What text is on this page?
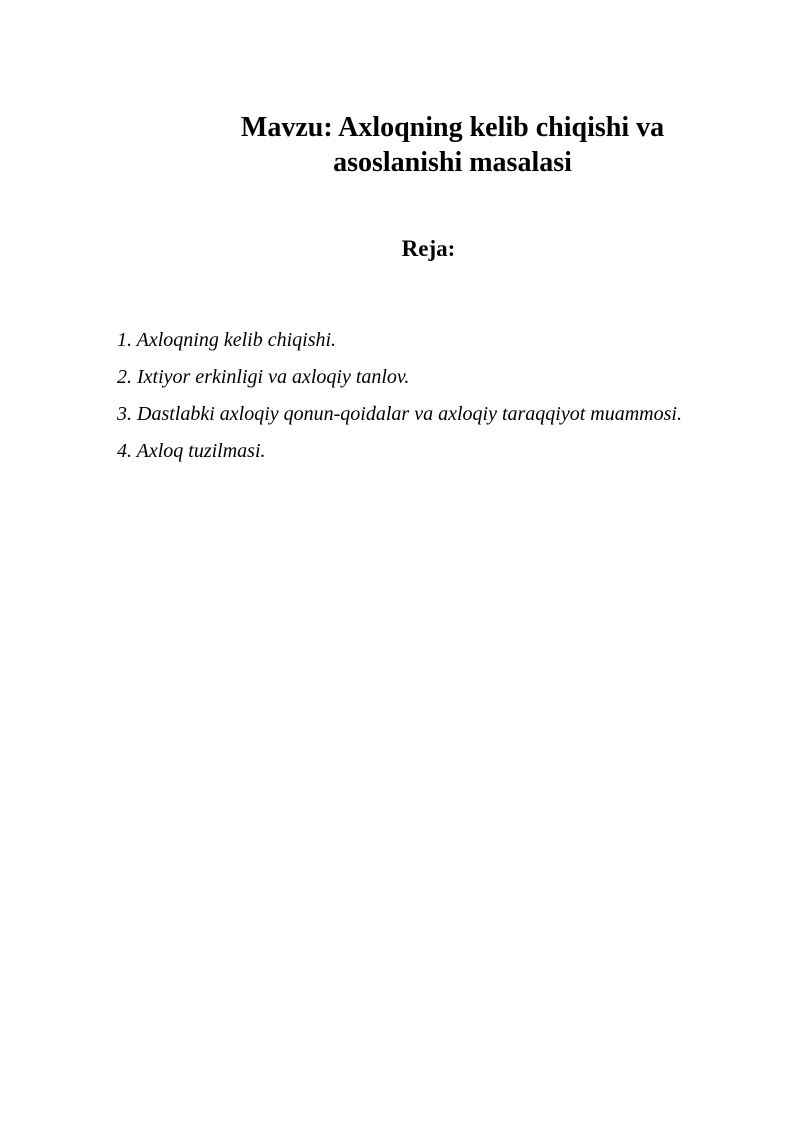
Mavzu: Axloqning kelib chiqishi va
asoslanishi masalasi
Reja:
1. Axloqning kelib chiqishi.
2. Ixtiyor erkinligi va axloqiy tanlov.
3. Dastlabki axloqiy qonun-qoidalar va axloqiy taraqqiyot muammosi.
4. Axloq tuzilmasi.
